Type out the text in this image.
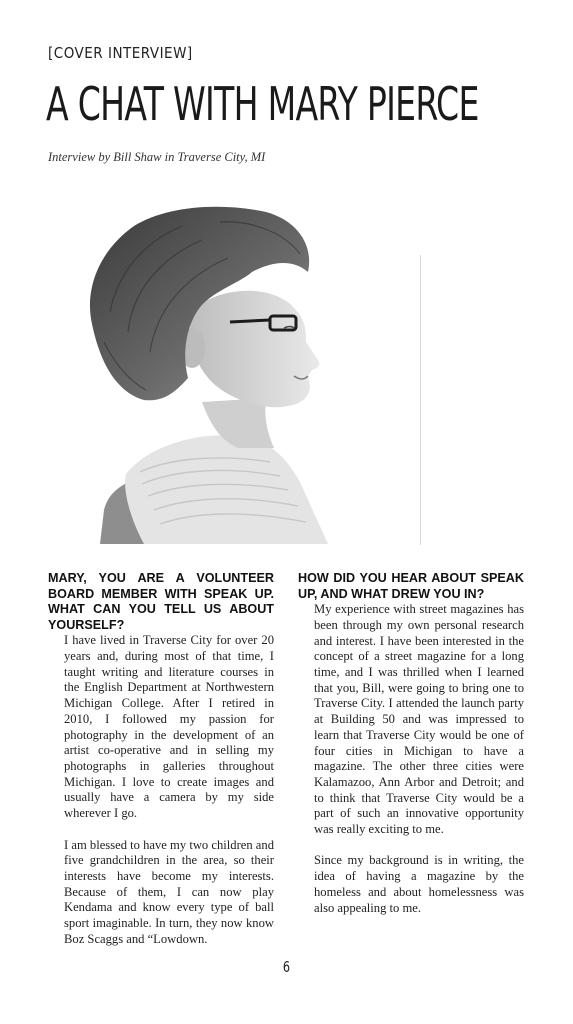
[COVER INTERVIEW]
A CHAT WITH MARY PIERCE
Interview by Bill Shaw in Traverse City, MI

MARY, YOU ARE A VOLUNTEER BOARD MEMBER WITH SPEAK UP. WHAT CAN YOU TELL US ABOUT YOURSELF?

I have lived in Traverse City for over 20 years and, during most of that time, I taught writing and literature courses in the English Department at Northwestern Michigan College. After I retired in 2010, I followed my passion for photography in the development of an artist co-operative and in selling my photographs in galleries throughout Michigan. I love to create images and usually have a camera by my side wherever I go.

I am blessed to have my two children and five grandchildren in the area, so their interests have become my interests. Because of them, I can now play Kendama and know every type of ball sport imaginable. In turn, they now know Boz Scaggs and “Lowdown.

HOW DID YOU HEAR ABOUT SPEAK UP, AND WHAT DREW YOU IN?

My experience with street magazines has been through my own personal research and interest. I have been interested in the concept of a street magazine for a long time, and I was thrilled when I learned that you, Bill, were going to bring one to Traverse City. I attended the launch party at Building 50 and was impressed to learn that Traverse City would be one of four cities in Michigan to have a magazine. The other three cities were Kalamazoo, Ann Arbor and Detroit; and to think that Traverse City would be a part of such an innovative opportunity was really exciting to me.

Since my background is in writing, the idea of having a magazine by the homeless and about homelessness was also appealing to me.

6
